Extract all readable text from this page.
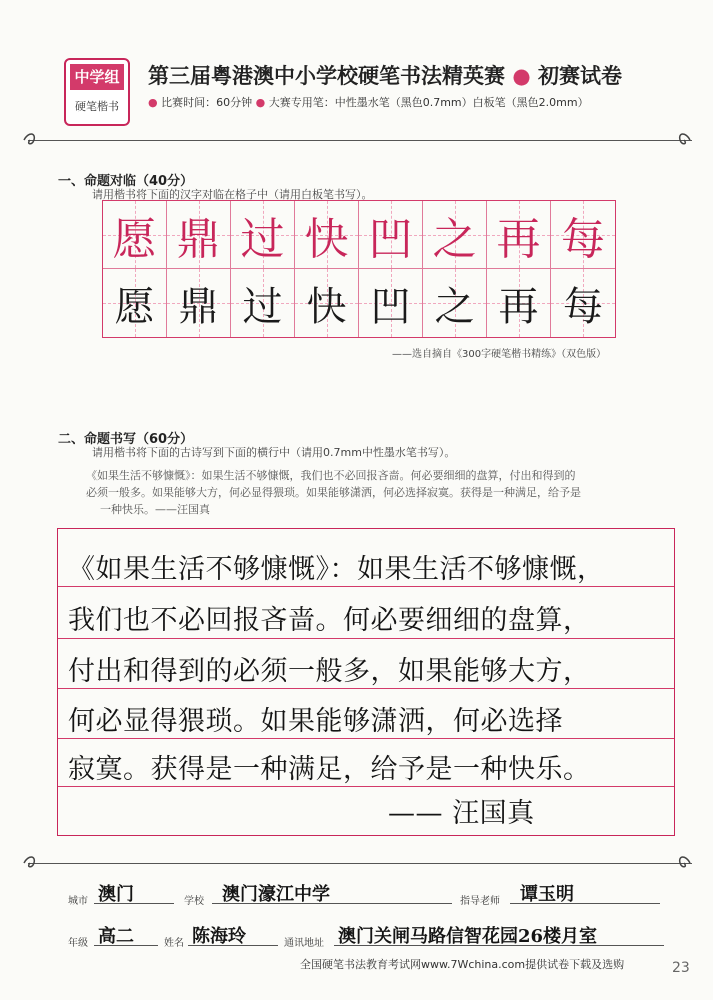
中学组
硬笔楷书
第三届粤港澳中小学校硬笔书法精英赛 ● 初赛试卷
● 比赛时间：60分钟 ● 大赛专用笔：中性墨水笔（黑色0.7mm）白板笔（黑色2.0mm）
一、命题对临（40分）
请用楷书将下面的汉字对临在格子中（请用白板笔书写）。
愿 鼎 过 快 凹 之 再 每
愿 鼎 过 快 凹 之 再 每
——选自摘自《300字硬笔楷书精练》（双色版）
二、命题书写（60分）
请用楷书将下面的古诗写到下面的横行中（请用0.7mm中性墨水笔书写）。
《如果生活不够慷慨》：如果生活不够慷慨，我们也不必回报吝啬。何必要细细的盘算，付出和得到的
必须一般多。如果能够大方，何必显得猥琐。如果能够潇洒，何必选择寂寞。获得是一种满足，给予是
一种快乐。——汪国真
《如果生活不够慷慨》：如果生活不够慷慨，
我们也不必回报吝啬。何必要细细的盘算，
付出和得到的必须一般多，如果能够大方，
何必显得猥琐。如果能够潇洒，何必选择
寂寞。获得是一种满足，给予是一种快乐。
—— 汪国真
城市 澳门	学校 澳门濠江中学	指导老师 谭玉明
年级 高二	姓名 陈海玲	通讯地址 澳门关闸马路信智花园26楼月室
全国硬笔书法教育考试网www.7Wchina.com提供试卷下载及选购	23
